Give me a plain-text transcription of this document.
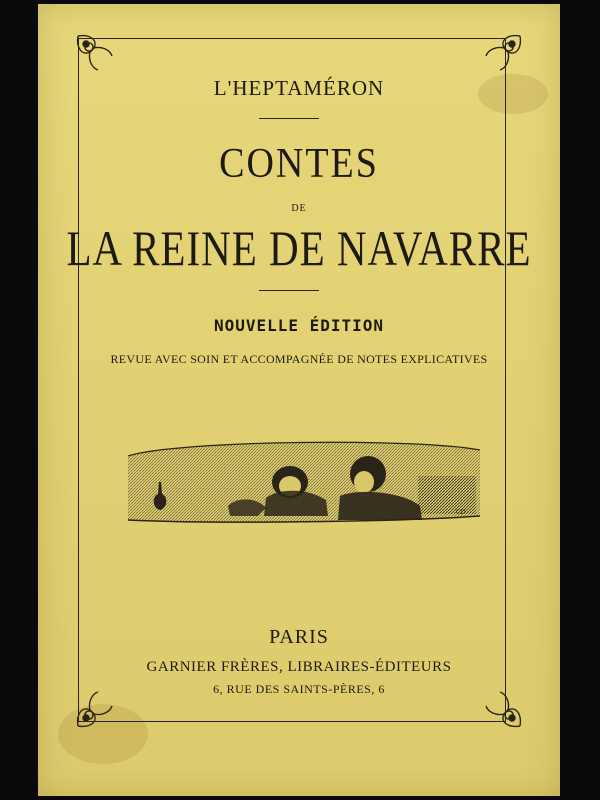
L'HEPTAMÉRON
CONTES
DE
LA REINE DE NAVARRE
NOUVELLE ÉDITION
REVUE AVEC SOIN ET ACCOMPAGNÉE DE NOTES EXPLICATIVES
CD
PARIS
GARNIER FRÈRES, LIBRAIRES-ÉDITEURS
6, RUE DES SAINTS-PÈRES, 6
